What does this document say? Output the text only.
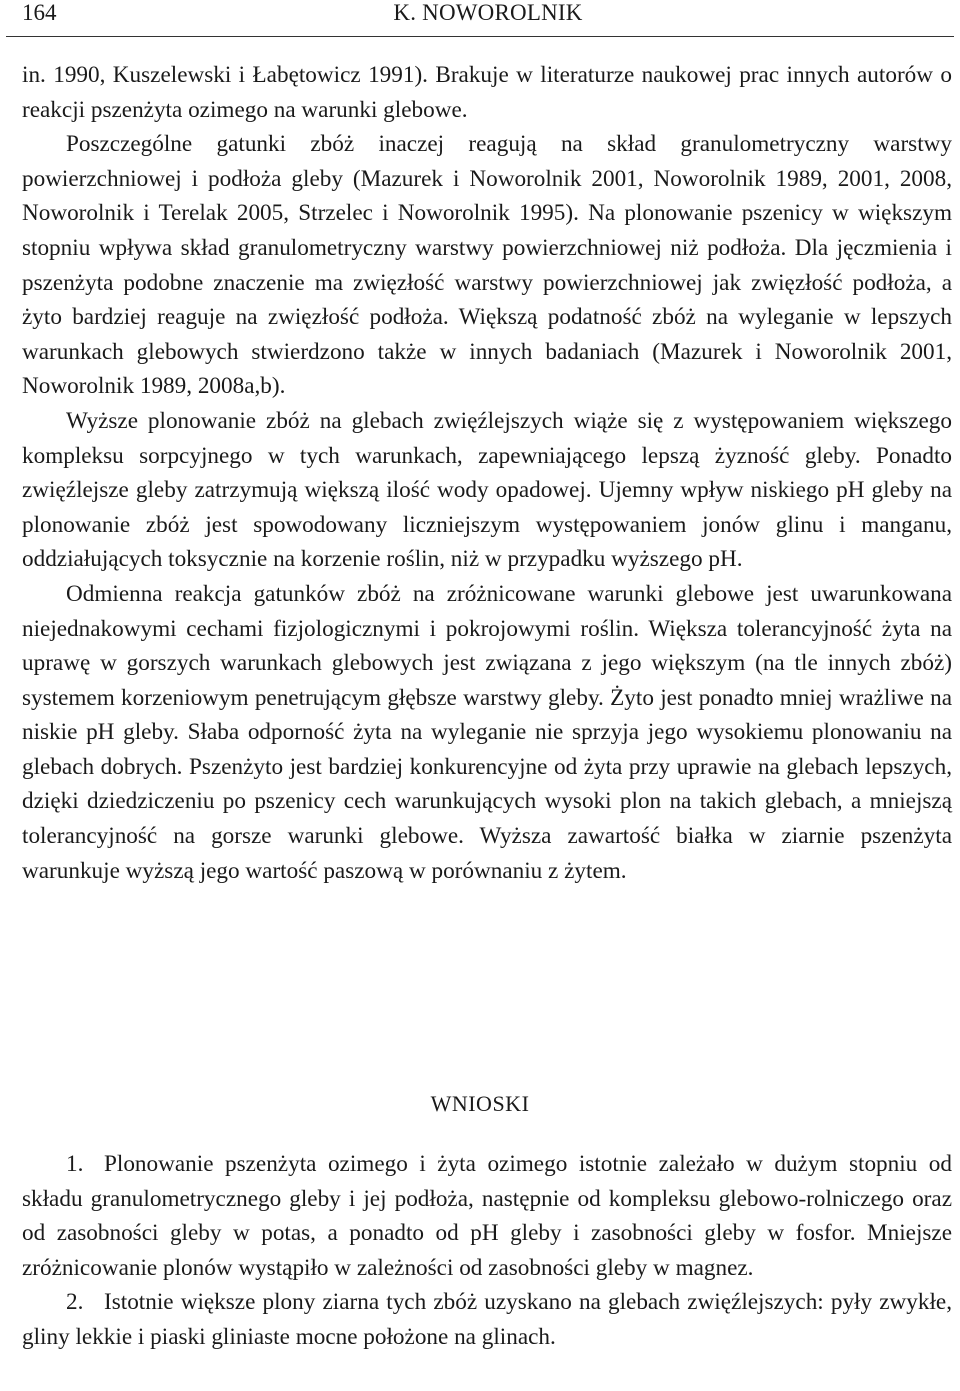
164	K. NOWOROLNIK

in. 1990, Kuszelewski i Łabętowicz 1991). Brakuje w literaturze naukowej prac innych autorów o reakcji pszenżyta ozimego na warunki glebowe.

Poszczególne gatunki zbóż inaczej reagują na skład granulometryczny warstwy powierzchniowej i podłoża gleby (Mazurek i Noworolnik 2001, Noworolnik 1989, 2001, 2008, Noworolnik i Terelak 2005, Strzelec i Noworolnik 1995). Na plonowanie pszenicy w większym stopniu wpływa skład granulometryczny warstwy powierzchniowej niż podłoża. Dla jęczmienia i pszenżyta podobne znaczenie ma zwięzłość warstwy powierzchniowej jak zwięzłość podłoża, a żyto bardziej reaguje na zwięzłość podłoża. Większą podatność zbóż na wyleganie w lepszych warunkach glebowych stwierdzono także w innych badaniach (Mazurek i Noworolnik 2001, Noworolnik 1989, 2008a,b).

Wyższe plonowanie zbóż na glebach zwięźlejszych wiąże się z występowaniem większego kompleksu sorpcyjnego w tych warunkach, zapewniającego lepszą żyzność gleby. Ponadto zwięźlejsze gleby zatrzymują większą ilość wody opadowej. Ujemny wpływ niskiego pH gleby na plonowanie zbóż jest spowodowany liczniejszym występowaniem jonów glinu i manganu, oddziałujących toksycznie na korzenie roślin, niż w przypadku wyższego pH.

Odmienna reakcja gatunków zbóż na zróżnicowane warunki glebowe jest uwarunkowana niejednakowymi cechami fizjologicznymi i pokrojowymi roślin. Większa tolerancyjność żyta na uprawę w gorszych warunkach glebowych jest związana z jego większym (na tle innych zbóż) systemem korzeniowym penetrującym głębsze warstwy gleby. Żyto jest ponadto mniej wrażliwe na niskie pH gleby. Słaba odporność żyta na wyleganie nie sprzyja jego wysokiemu plonowaniu na glebach dobrych. Pszenżyto jest bardziej konkurencyjne od żyta przy uprawie na glebach lepszych, dzięki dziedziczeniu po pszenicy cech warunkujących wysoki plon na takich glebach, a mniejszą tolerancyjność na gorsze warunki glebowe. Wyższa zawartość białka w ziarnie pszenżyta warunkuje wyższą jego wartość paszową w porównaniu z żytem.

WNIOSKI

1. Plonowanie pszenżyta ozimego i żyta ozimego istotnie zależało w dużym stopniu od składu granulometrycznego gleby i jej podłoża, następnie od kompleksu glebowo-rolniczego oraz od zasobności gleby w potas, a ponadto od pH gleby i zasobności gleby w fosfor. Mniejsze zróżnicowanie plonów wystąpiło w zależności od zasobności gleby w magnez.

2. Istotnie większe plony ziarna tych zbóż uzyskano na glebach zwięźlejszych: pyły zwykłe, gliny lekkie i piaski gliniaste mocne położone na glinach.
